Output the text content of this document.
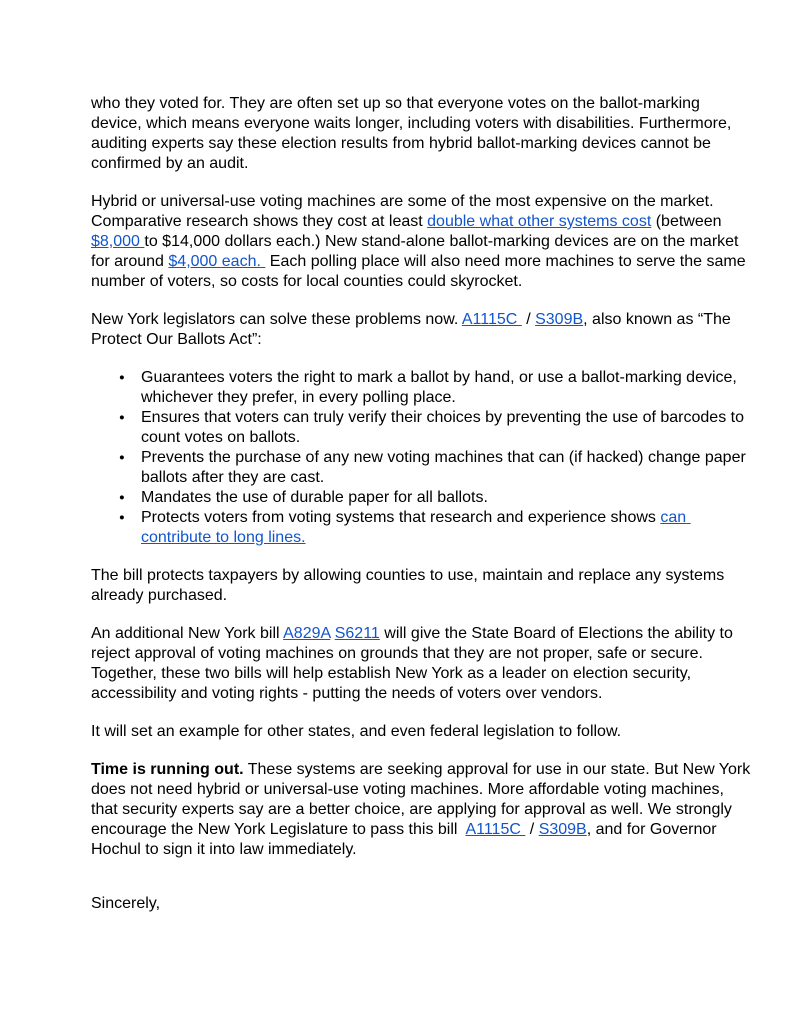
who they voted for. They are often set up so that everyone votes on the ballot-marking device, which means everyone waits longer, including voters with disabilities. Furthermore, auditing experts say these election results from hybrid ballot-marking devices cannot be confirmed by an audit.

Hybrid or universal-use voting machines are some of the most expensive on the market. Comparative research shows they cost at least double what other systems cost (between $8,000 to $14,000 dollars each.) New stand-alone ballot-marking devices are on the market for around $4,000 each.  Each polling place will also need more machines to serve the same number of voters, so costs for local counties could skyrocket.

New York legislators can solve these problems now. A1115C  / S309B, also known as “The Protect Our Ballots Act”:

● Guarantees voters the right to mark a ballot by hand, or use a ballot-marking device, whichever they prefer, in every polling place.
● Ensures that voters can truly verify their choices by preventing the use of barcodes to count votes on ballots.
● Prevents the purchase of any new voting machines that can (if hacked) change paper ballots after they are cast.
● Mandates the use of durable paper for all ballots.
● Protects voters from voting systems that research and experience shows can contribute to long lines.

The bill protects taxpayers by allowing counties to use, maintain and replace any systems already purchased.

An additional New York bill A829A S6211 will give the State Board of Elections the ability to reject approval of voting machines on grounds that they are not proper, safe or secure. Together, these two bills will help establish New York as a leader on election security, accessibility and voting rights - putting the needs of voters over vendors.

It will set an example for other states, and even federal legislation to follow.

Time is running out. These systems are seeking approval for use in our state. But New York does not need hybrid or universal-use voting machines. More affordable voting machines, that security experts say are a better choice, are applying for approval as well. We strongly encourage the New York Legislature to pass this bill  A1115C  / S309B, and for Governor Hochul to sign it into law immediately.

Sincerely,
